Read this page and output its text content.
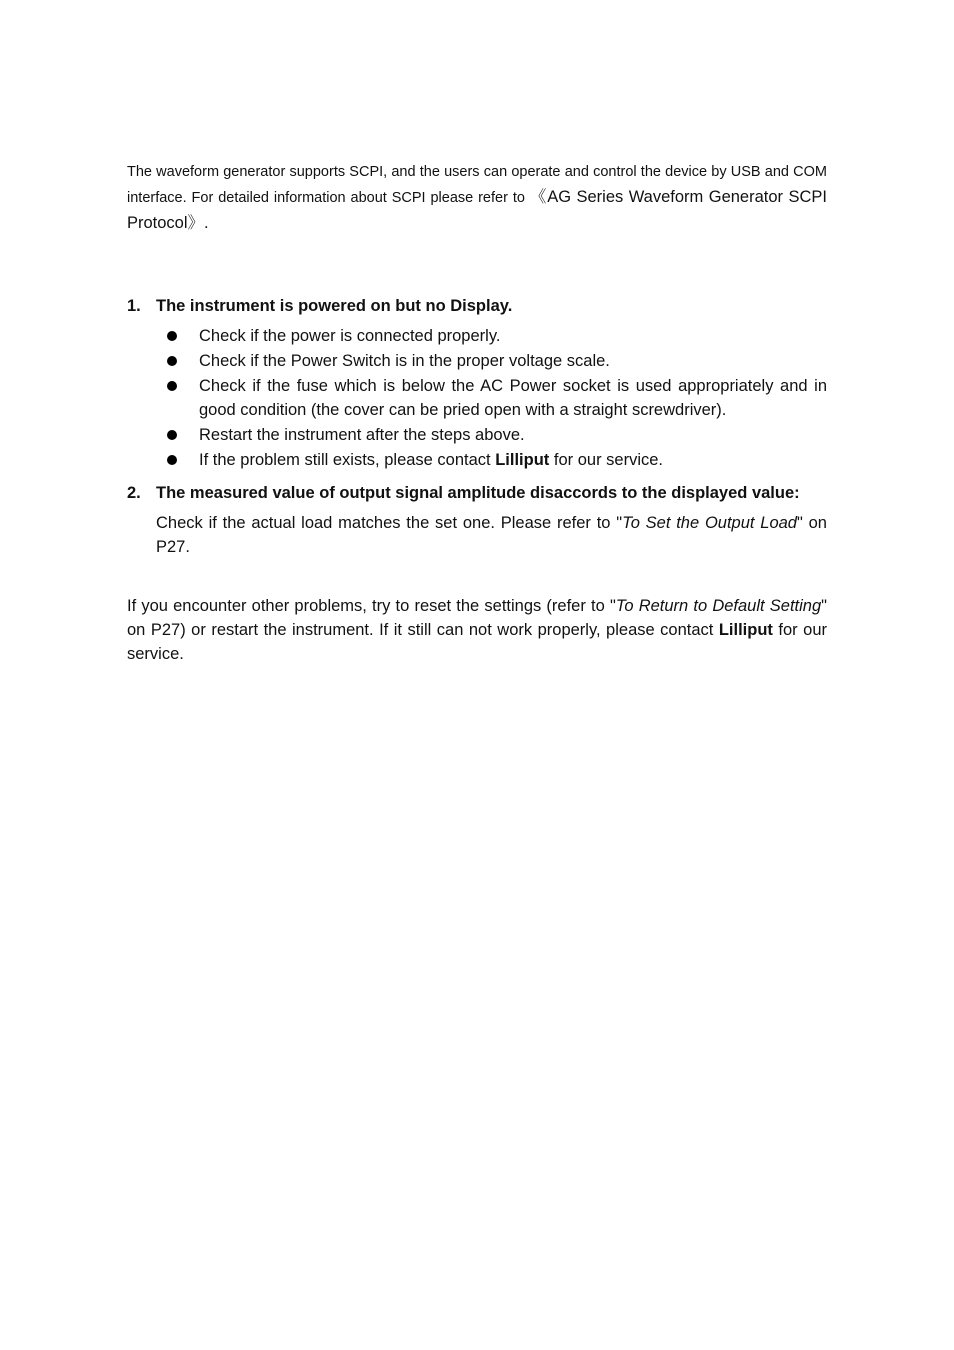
The waveform generator supports SCPI, and the users can operate and control the device by USB and COM interface. For detailed information about SCPI please refer to 《AG Series Waveform Generator SCPI Protocol》.

1. The instrument is powered on but no Display.
Check if the power is connected properly.
Check if the Power Switch is in the proper voltage scale.
Check if the fuse which is below the AC Power socket is used appropriately and in good condition (the cover can be pried open with a straight screwdriver).
Restart the instrument after the steps above.
If the problem still exists, please contact Lilliput for our service.
2. The measured value of output signal amplitude disaccords to the displayed value:

Check if the actual load matches the set one. Please refer to "To Set the Output Load" on P27.

If you encounter other problems, try to reset the settings (refer to "To Return to Default Setting" on P27) or restart the instrument. If it still can not work properly, please contact Lilliput for our service.
